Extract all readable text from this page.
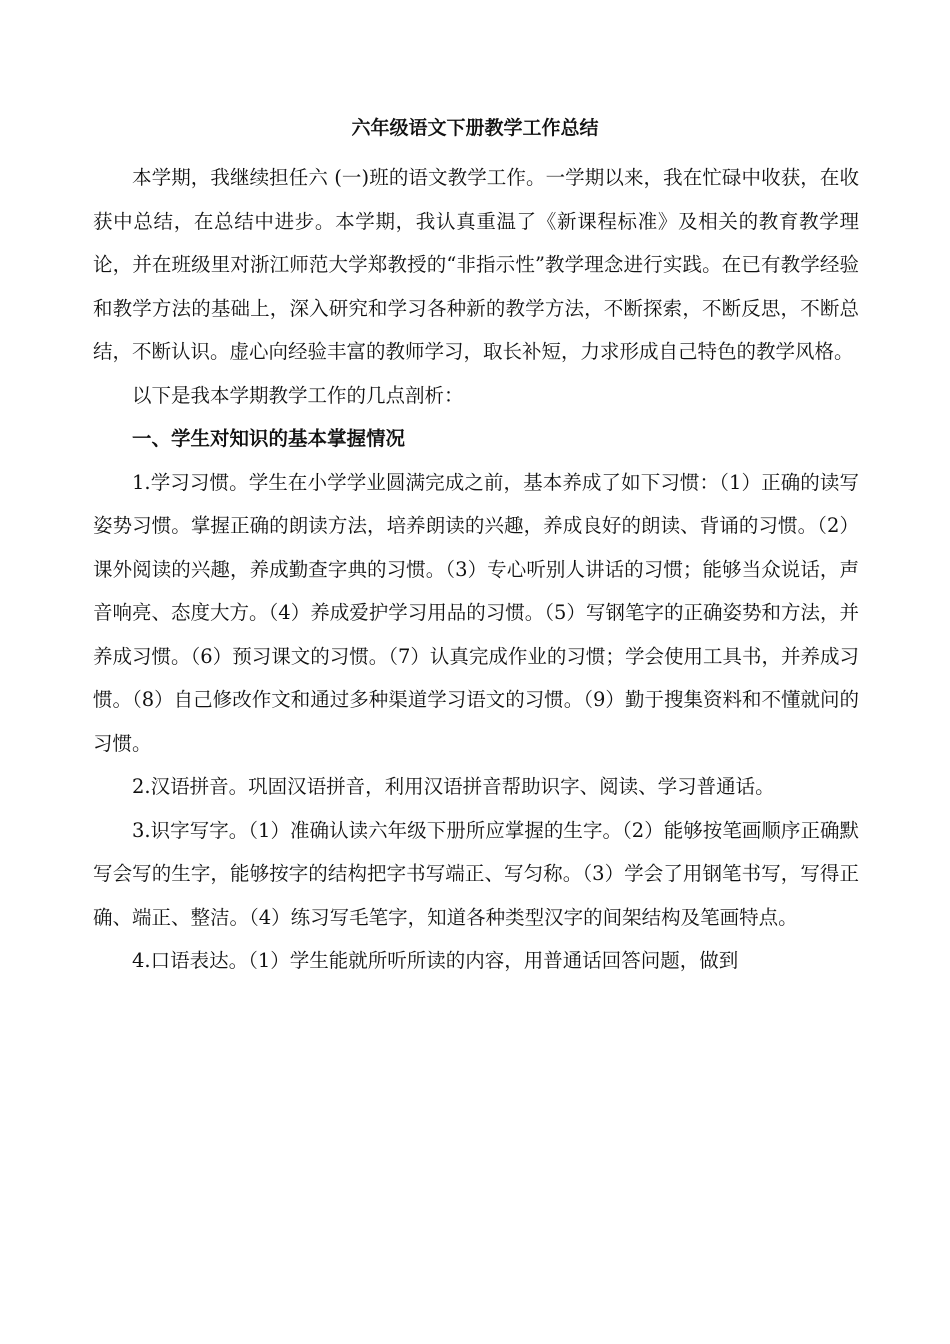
六年级语文下册教学工作总结

本学期，我继续担任六 (一)班的语文教学工作。一学期以来，我在忙碌中收获，在收获中总结，在总结中进步。本学期，我认真重温了《新课程标准》及相关的教育教学理论，并在班级里对浙江师范大学郑教授的“非指示性”教学理念进行实践。在已有教学经验和教学方法的基础上，深入研究和学习各种新的教学方法，不断探索，不断反思，不断总结，不断认识。虚心向经验丰富的教师学习，取长补短，力求形成自己特色的教学风格。

以下是我本学期教学工作的几点剖析：

一、学生对知识的基本掌握情况

1.学习习惯。学生在小学学业圆满完成之前，基本养成了如下习惯：（1）正确的读写姿势习惯。掌握正确的朗读方法，培养朗读的兴趣，养成良好的朗读、背诵的习惯。（2）课外阅读的兴趣，养成勤查字典的习惯。（3）专心听别人讲话的习惯；能够当众说话，声音响亮、态度大方。（4）养成爱护学习用品的习惯。（5）写钢笔字的正确姿势和方法，并养成习惯。（6）预习课文的习惯。（7）认真完成作业的习惯；学会使用工具书，并养成习惯。（8）自己修改作文和通过多种渠道学习语文的习惯。（9）勤于搜集资料和不懂就问的习惯。

2.汉语拼音。巩固汉语拼音，利用汉语拼音帮助识字、阅读、学习普通话。

3.识字写字。（1）准确认读六年级下册所应掌握的生字。（2）能够按笔画顺序正确默写会写的生字，能够按字的结构把字书写端正、写匀称。（3）学会了用钢笔书写，写得正确、端正、整洁。（4）练习写毛笔字，知道各种类型汉字的间架结构及笔画特点。

4.口语表达。（1）学生能就所听所读的内容，用普通话回答问题，做到
